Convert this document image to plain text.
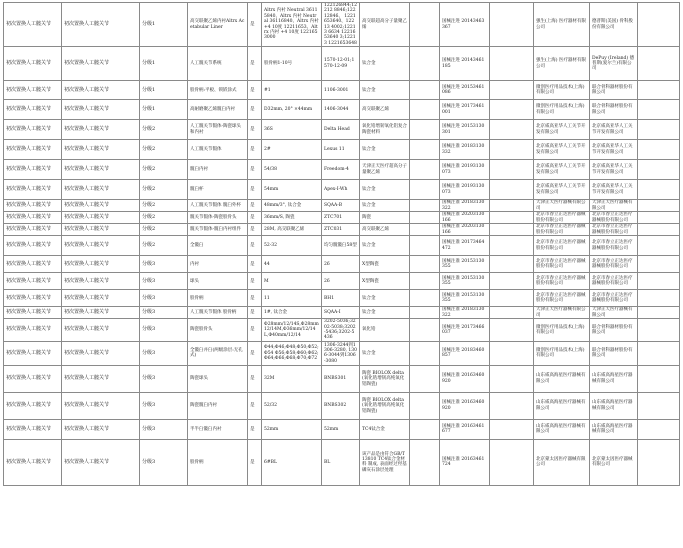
初次置换人工髋关节	初次置换人工髋关节	分级1	高交联聚乙烯内衬Altrx Acetabular Liner	是	Altrx 内衬 Neutral 36115840、Altrx 内衬 Neutral 36116840、Altrx 内衬 +4 10度 12211653、Altrx 内衬 +4 10度 1221653000	122126844;12212 8846;12212846、 1221653640、12213 4002;12213 6634 1221653640 3;12213 1221653648	高交联超高分子量聚乙烯		国械注进 20143463367		强生(上海) 医疗器材有限公司	德普斯(美国) 骨科股份有限公司	
初次置换人工髋关节	初次置换人工髋关节	分级1	人工髋关节系统	是	股骨柄1-10号	1570-12-01;1570-12-09	钛合金		国械注进 20143461185		强生(上海) 医疗器材有限公司	DePuy (Ireland) 德普斯(爱尔兰)有限公司	
初次置换人工髋关节	初次置换人工髋关节	分级1	股骨柄:平板、锁嵌涂式	是	#1	1106-3001	钛合金		国械注进 20153461086		微创医疗用品技术(上海)有限公司	联合骨科器材股份有限公司	
初次置换人工髋关节	初次置换人工髋关节	分级1	高耐磨聚乙烯髋臼内衬	是	D32mm, 20° ×44mm	1406-3044	高交联聚乙烯		国械注进 20173461001		微创医疗用品技术(上海)有限公司	联合骨科器材股份有限公司	
初次置换人工髋关节	初次置换人工髋关节	分级2	人工髋关节假体-陶瓷球头和内衬	是	36S	Delta Head	氧化锆增韧氧化铝复合陶瓷材料		国械注进 20153130301		北京威高亚华人工关节开发有限公司	北京威高亚华人工关节开发有限公司	
初次置换人工髋关节	初次置换人工髋关节	分级2	人工髋关节假体	是	2#	Lexus 11	钛合金		国械注准 20183130332		北京威高亚华人工关节开发有限公司	北京威高亚华人工关节开发有限公司	
初次置换人工髋关节	初次置换人工髋关节	分级2	髋臼内衬	是	54/38	Freedom-4	天津正天医疗超高分子量聚乙烯		国械注准 20193130073		北京威高亚华人工关节开发有限公司	北京威高亚华人工关节开发有限公司	
初次置换人工髋关节	初次置换人工髋关节	分级2	髋臼杯	是	54mm	Apex-I-Wh	钛合金		国械注准 20193130073		北京威高亚华人工关节开发有限公司	北京威高亚华人工关节开发有限公司	
初次置换人工髋关节	初次置换人工髋关节	分级2	人工髋关节假体 髋臼外杯	是	48mm/3°, 钛合金	SQAA-B	钛合金		国械注准 20183130322		天津正天医疗器械有限公司	天津正天医疗器械有限公司	
初次置换人工髋关节	初次置换人工髋关节	分级2	髋关节假体-陶瓷股骨头	是	36mm/S, 陶瓷	ZTC701	陶瓷		国械注准 20203130166		北京市春立正达医疗器械股份有限公司	北京市春立正达医疗器械股份有限公司	
初次置换人工髋关节	初次置换人工髋关节	分级2	髋关节假体-髋臼内衬组件	是	28M, 高交联聚乙烯	ZTC031	高交联聚乙烯		国械注准 20203130166		北京市春立正达医疗器械股份有限公司	北京市春立正达医疗器械股份有限公司	
初次置换人工髋关节	初次置换人工髋关节	分级2	全髋臼	是	52-32	均匀髋髋臼58型	钛合金		国械注准 20173464472		北京市春立正达医疗器械股份有限公司	北京市春立正达医疗器械股份有限公司	
初次置换人工髋关节	初次置换人工髋关节	分级3	内衬	是	44	26	X型陶瓷		国械注准 20153130355		北京市春立正达医疗器械股份有限公司	北京市春立正达医疗器械股份有限公司	
初次置换人工髋关节	初次置换人工髋关节	分级3	球头	是	M	26	X型陶瓷		国械注准 20153130355		北京市春立正达医疗器械股份有限公司	北京市春立正达医疗器械股份有限公司	
初次置换人工髋关节	初次置换人工髋关节	分级3	股骨柄	是	11	BH1	钛合金		国械注准 20153130355		北京市春立正达医疗器械股份有限公司	北京市春立正达医疗器械股份有限公司	
初次置换人工髋关节	初次置换人工髋关节	分级3	人工髋关节假体 股骨柄	是	1#, 钛合金	SQAA-I	钛合金		国械注准 20183130322		天津正天医疗器械有限公司	天津正天医疗器械有限公司	
初次置换人工髋关节	初次置换人工髋关节	分级3	陶瓷股骨头	是	Φ28mm/12/14S,Φ28mm 12/14M,Φ36mm/12/14L,Φ40mm/12/14	3202-5036;3202-5038;3202-5436;3202-5436	氧化锆		国械注进 20173466037		微创医疗用品技术(上海)有限公司	联合骨科器材股份有限公司	
初次置换人工髋关节	初次置换人工髋关节	分级3	全髋臼并臼(两级涂层:无孔式)	是	Φ44;Φ46;Φ48;Φ50;Φ52;Φ54 Φ56;Φ58;Φ60;Φ62;Φ64;Φ66;Φ68;Φ70;Φ72	1306-3244到1306-3280, 1306-3044到1306-3080	钛合金		国械注进 20183460857		微创医疗用品技术(上海)有限公司	联合骨科器材股份有限公司	
初次置换人工髋关节	初次置换人工髋关节	分级3	陶瓷球头	是	32M	BNBS301	陶瓷 BIOLOX delta (氧化锆增韧高纯氧化铝陶瓷)		国械注准 20163460920		山东威高海星医疗器械有限公司	山东威高海星医疗器械有限公司	
初次置换人工髋关节	初次置换人工髋关节	分级3	陶瓷髋臼内衬	是	52/32	BNBS302	陶瓷 BIOLOX delta (氧化锆增韧高纯氧化铝陶瓷)		国械注准 20163460920		山东威高海星医疗器械有限公司	山东威高海星医疗器械有限公司	
初次置换人工髋关节	初次置换人工髋关节	分级3	半半臼髋臼内衬	是	52mm	52mm	TC4钛合金		国械注准 20163461677		山东威高海星医疗器械有限公司	山东威高海星医疗器械有限公司	
初次置换人工髋关节	初次置换人工髋关节	分级3	股骨柄	是	6#BL	BL	该产品是由符合GB/T 13810 TC4钛合金材料 制成, 表面经过羟基磷灰石涂层处理		国械注准 20163461724		北京蒙太因医疗器械有限公司	北京蒙太因医疗器械有限公司	
